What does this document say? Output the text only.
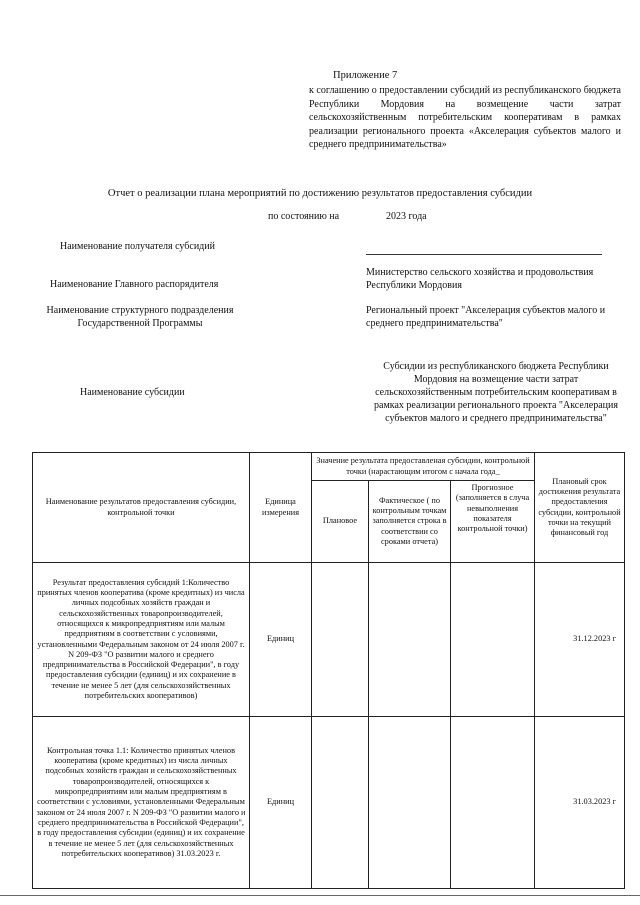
Приложение 7
к соглашению о предоставлении субсидий из республиканского бюджета Республики Мордовия на возмещение части затрат сельскохозяйственным потребительским кооперативам в рамках реализации регионального проекта «Акселерация субъектов малого и среднего предпринимательства»
Отчет о реализации плана мероприятий по достижению результатов предоставления субсидии
по состоянию на	2023 года
Наименование получателя субсидий
Наименование Главного распорядителя
Министерство сельского хозяйства и продовольствия Республики Мордовия
Наименование структурного подразделения Государственной Программы
Региональный проект "Акселерация субъектов малого и среднего предпринимательства"
Наименование субсидии
Субсидии из республиканского бюджета Республики Мордовия на возмещение части затрат сельскохозяйственным потребительским кооперативам в рамках реализации регионального проекта "Акселерация субъектов малого и среднего предпринимательства"
Наименование результатов предоставления субсидии, контрольной точки	Единица измерения	Значение результата предоставленая субсидии, контрольной точки (нарастающим итогом с начала года_			Плановый срок достижения результата предоставления субсидии, контрольной точки на текущий финансовый год
		Плановое	Фактическое ( по контрольным точкам заполняется строка в соответствии со сроками отчета)	Прогнозное (заполняется в случа невыполнения показателя контрольной точки)	
Результат предоставления субсидий 1:Количество принятых членов кооператива (кроме кредитных) из числа личных подсобных хозяйств граждан и сельскохозяйственных товаропроизводителей, относящихся к микропредприятиям или малым предприятиям в соответствии с условиями, установленными Федеральным законом от 24 июля 2007 г. N 209-ФЗ "О развитии малого и среднего предпринимательства в Российской Федерации", в году предоставления субсидии (единиц) и их сохранение в течение не менее 5 лет (для сельскохозяйственных потребительских кооперативов)	Единиц				31.12.2023 г
Контрольная точка 1.1: Количество принятых членов кооператива (кроме кредитных) из числа личных подсобных хозяйств граждан и сельскохозяйственных товаропроизводителей, относящихся к микропредприятиям или малым предприятиям в соответствии с условиями, установленными Федеральным законом от 24 июля 2007 г. N 209-ФЗ "О развитии малого и среднего предпринимательства в Российской Федерации", в году предоставления субсидии (единиц) и их сохранение в течение не менее 5 лет (для сельскохозяйственных потребительских кооперативов) 31.03.2023 г.	Единиц				31.03.2023 г
